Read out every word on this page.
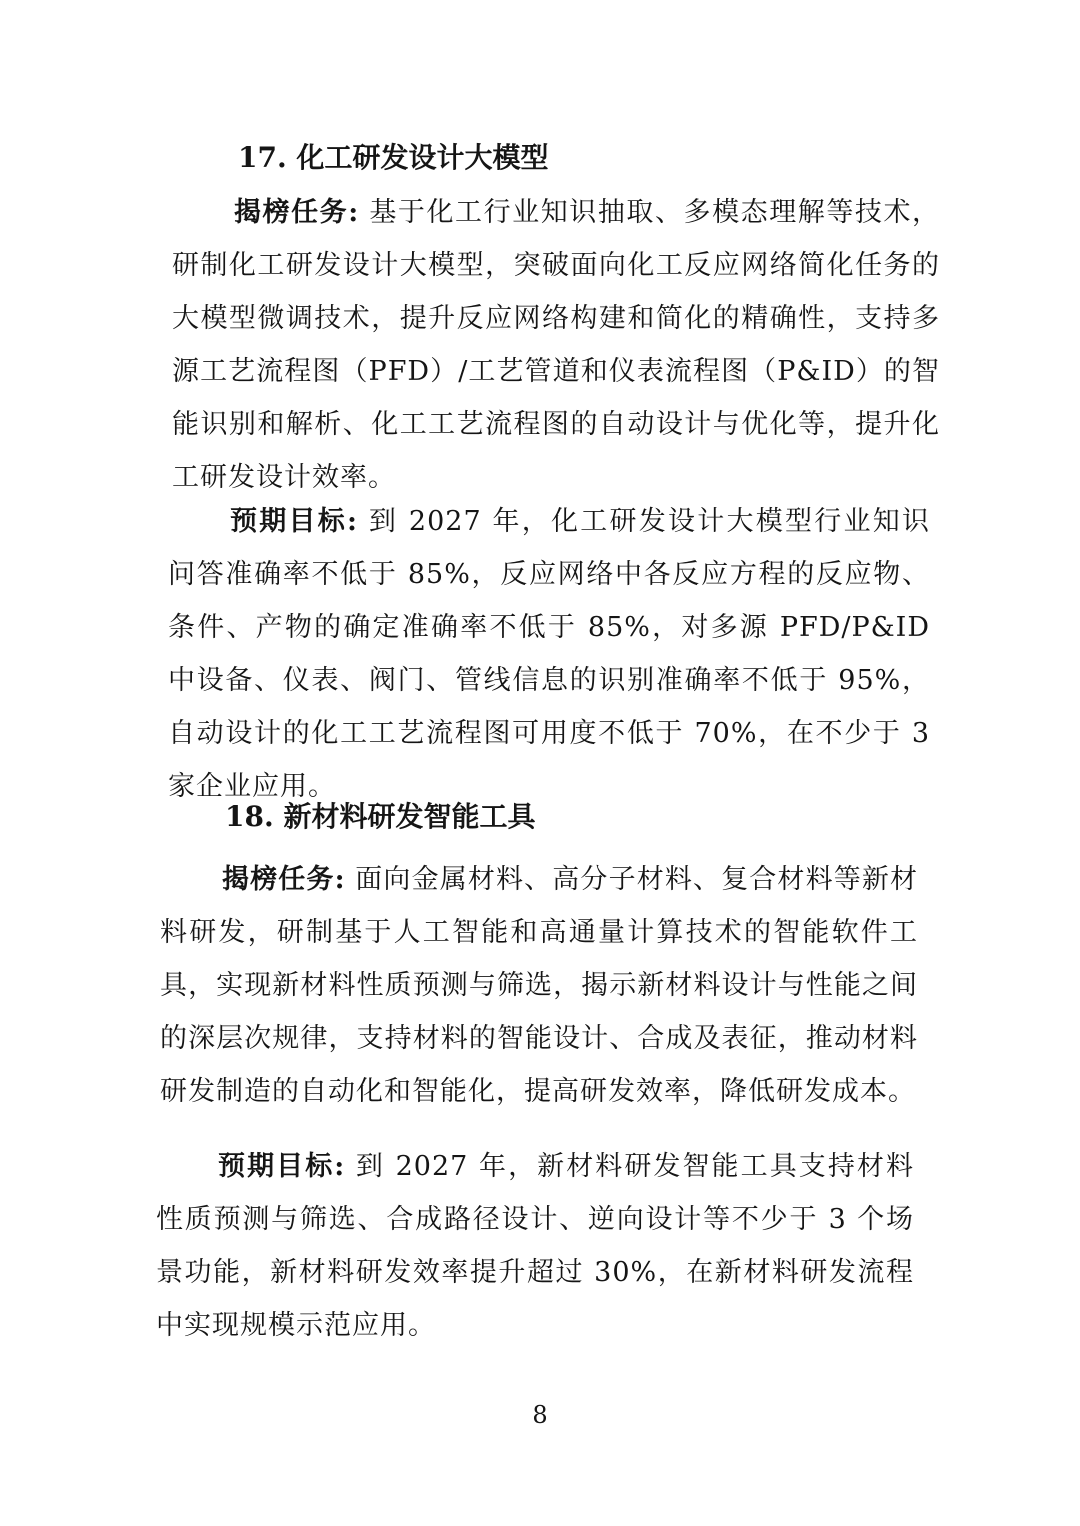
17. 化工研发设计大模型
揭榜任务: 基于化工行业知识抽取、多模态理解等技术，研制化工研发设计大模型，突破面向化工反应网络简化任务的大模型微调技术，提升反应网络构建和简化的精确性，支持多源工艺流程图（PFD）/工艺管道和仪表流程图（P&ID）的智能识别和解析、化工工艺流程图的自动设计与优化等，提升化工研发设计效率。
预期目标: 到 2027 年，化工研发设计大模型行业知识问答准确率不低于 85%，反应网络中各反应方程的反应物、条件、产物的确定准确率不低于 85%，对多源 PFD/P&ID 中设备、仪表、阀门、管线信息的识别准确率不低于 95%，自动设计的化工工艺流程图可用度不低于 70%，在不少于 3 家企业应用。
18. 新材料研发智能工具
揭榜任务: 面向金属材料、高分子材料、复合材料等新材料研发，研制基于人工智能和高通量计算技术的智能软件工具，实现新材料性质预测与筛选，揭示新材料设计与性能之间的深层次规律，支持材料的智能设计、合成及表征，推动材料研发制造的自动化和智能化，提高研发效率，降低研发成本。
预期目标: 到 2027 年，新材料研发智能工具支持材料性质预测与筛选、合成路径设计、逆向设计等不少于 3 个场景功能，新材料研发效率提升超过 30%，在新材料研发流程中实现规模示范应用。
8
